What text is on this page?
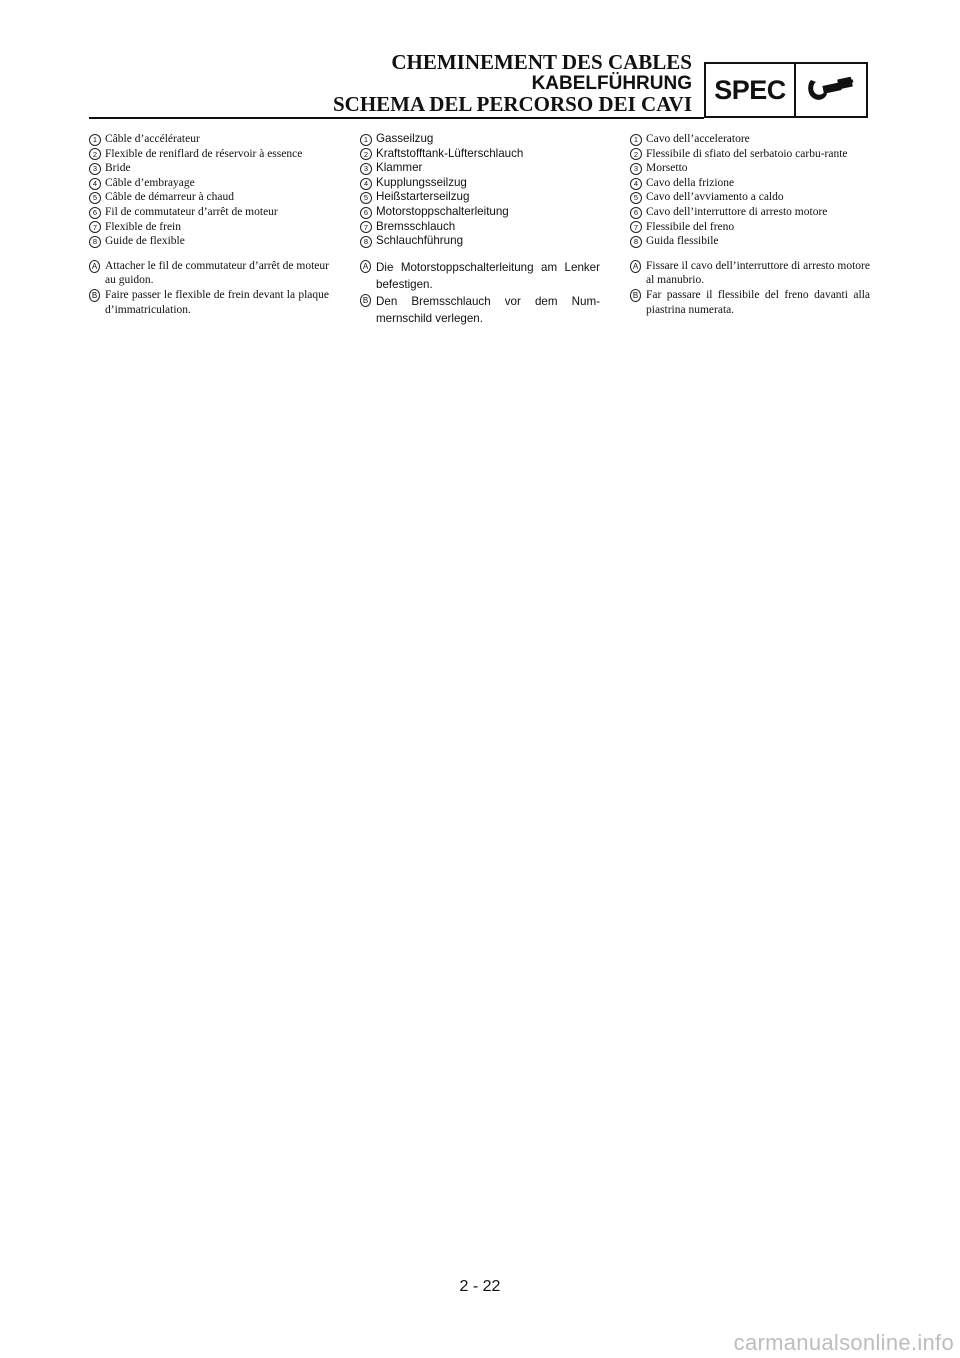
CHEMINEMENT DES CABLES
KABELFÜHRUNG
SCHEMA DEL PERCORSO DEI CAVI SPEC
1 Câble d’accélérateur
2 Flexible de reniflard de réservoir à essence
3 Bride
4 Câble d’embrayage
5 Câble de démarreur à chaud
6 Fil de commutateur d’arrêt de moteur
7 Flexible de frein
8 Guide de flexible
A Attacher le fil de commutateur d’arrêt de moteur au guidon.
B Faire passer le flexible de frein devant la plaque d’immatriculation.
1 Gasseilzug
2 Kraftstofftank-Lüfterschlauch
3 Klammer
4 Kupplungsseilzug
5 Heißstarterseilzug
6 Motorstoppschalterleitung
7 Bremsschlauch
8 Schlauchführung
A Die Motorstoppschalterleitung am Lenker befestigen.
B Den Bremsschlauch vor dem Num-mernschild verlegen.
1 Cavo dell’acceleratore
2 Flessibile di sfiato del serbatoio carbu-rante
3 Morsetto
4 Cavo della frizione
5 Cavo dell’avviamento a caldo
6 Cavo dell’interruttore di arresto motore
7 Flessibile del freno
8 Guida flessibile
A Fissare il cavo dell’interruttore di arresto motore al manubrio.
B Far passare il flessibile del freno davanti alla piastrina numerata.
2 - 22
carmanualsonline.info
